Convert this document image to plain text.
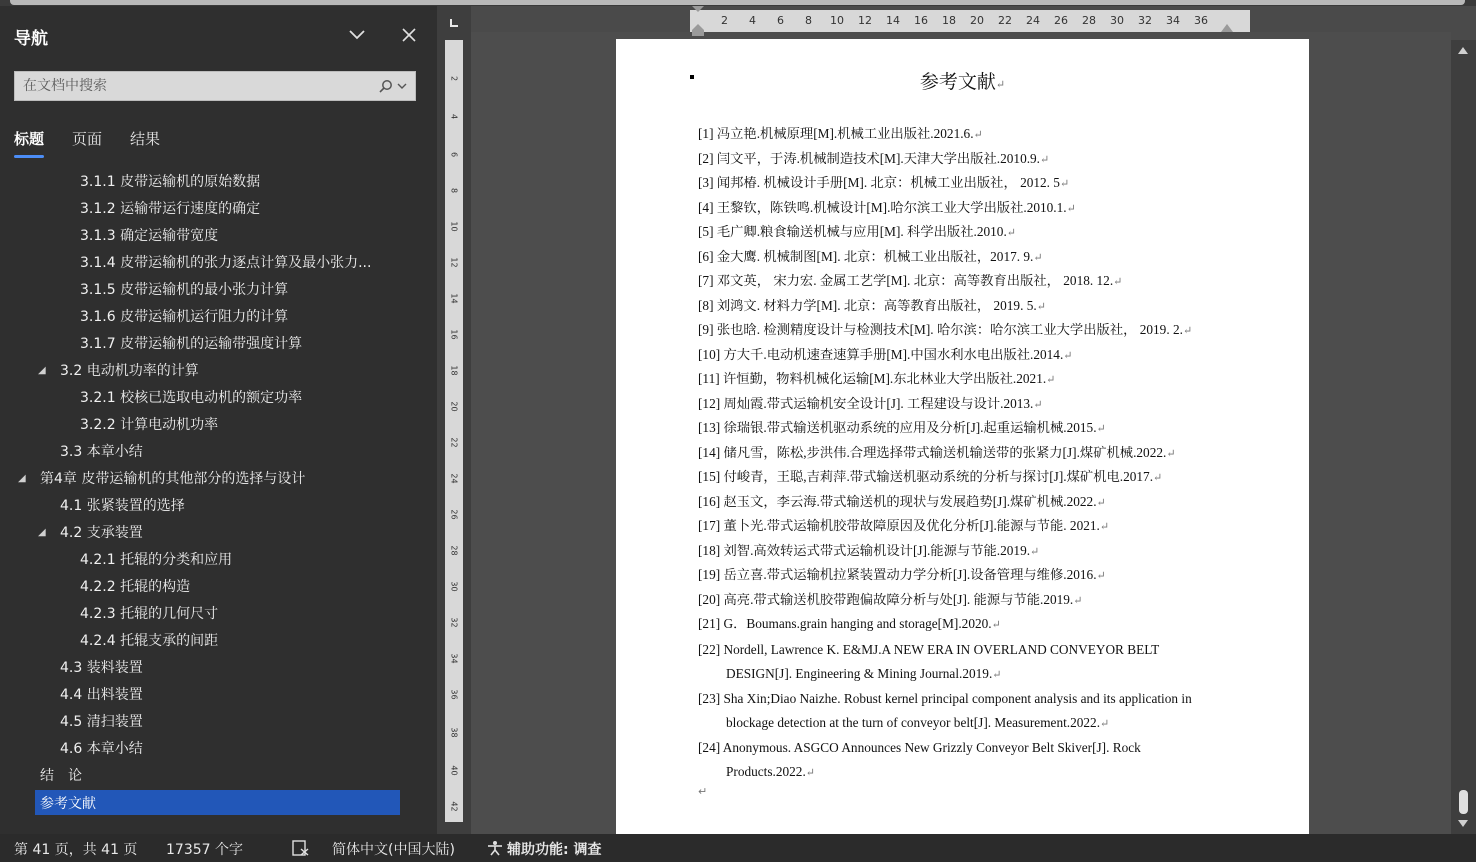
导航
在文档中搜索
标题 页面 结果
3.1.1 皮带运输机的原始数据
3.1.2 运输带运行速度的确定
3.1.3 确定运输带宽度
3.1.4 皮带运输机的张力逐点计算及最小张力...
3.1.5 皮带运输机的最小张力计算
3.1.6 皮带运输机运行阻力的计算
3.1.7 皮带运输机的运输带强度计算
◢ 3.2 电动机功率的计算
3.2.1 校核已选取电动机的额定功率
3.2.2 计算电动机功率
3.3 本章小结
◢ 第4章 皮带运输机的其他部分的选择与设计
4.1 张紧装置的选择
◢ 4.2 支承装置
4.2.1 托辊的分类和应用
4.2.2 托辊的构造
4.2.3 托辊的几何尺寸
4.2.4 托辊支承的间距
4.3 装料装置
4.4 出料装置
4.5 清扫装置
4.6 本章小结
结　论
参考文献
2
4
6
8
10
12
14
16
18
20
22
24
26
28
30
32
34
36
38
40
42
2 4 6 8 10 12 14 16 18 20 22 24 26 28 30 32 34 36
参考文献↵
[1] 冯立艳.机械原理[M].机械工业出版社.2021.6.↵
[2] 闫文平，于涛.机械制造技术[M].天津大学出版社.2010.9.↵
[3] 闻邦椿. 机械设计手册[M]. 北京：机械工业出版社， 2012. 5↵
[4] 王黎钦，陈铁鸣.机械设计[M].哈尔滨工业大学出版社.2010.1.↵
[5] 毛广卿.粮食输送机械与应用[M]. 科学出版社.2010.↵
[6] 金大鹰. 机械制图[M]. 北京：机械工业出版社，2017. 9.↵
[7] 邓文英， 宋力宏. 金属工艺学[M]. 北京：高等教育出版社， 2018. 12.↵
[8] 刘鸿文. 材料力学[M]. 北京：高等教育出版社， 2019. 5.↵
[9] 张也晗. 检测精度设计与检测技术[M]. 哈尔滨：哈尔滨工业大学出版社， 2019. 2.↵
[10] 方大千.电动机速查速算手册[M].中国水利水电出版社.2014.↵
[11] 许恒勤，物料机械化运输[M].东北林业大学出版社.2021.↵
[12] 周灿霞.带式运输机安全设计[J]. 工程建设与设计.2013.↵
[13] 徐瑞银.带式输送机驱动系统的应用及分析[J].起重运输机械.2015.↵
[14] 储凡雪，陈松,步洪伟.合理选择带式输送机输送带的张紧力[J].煤矿机械.2022.↵
[15] 付峻青，王聪,吉莉萍.带式输送机驱动系统的分析与探讨[J].煤矿机电.2017.↵
[16] 赵玉文，李云海.带式输送机的现状与发展趋势[J].煤矿机械.2022.↵
[17] 董卜光.带式运输机胶带故障原因及优化分析[J].能源与节能. 2021.↵
[18] 刘智.高效转运式带式运输机设计[J].能源与节能.2019.↵
[19] 岳立喜.带式运输机拉紧装置动力学分析[J].设备管理与维修.2016.↵
[20] 高亮.带式输送机胶带跑偏故障分析与处[J]. 能源与节能.2019.↵
[21] G．Boumans.grain hanging and storage[M].2020.↵
[22] Nordell, Lawrence K. E&MJ.A NEW ERA IN OVERLAND CONVEYOR BELT
DESIGN[J]. Engineering & Mining Journal.2019.↵
[23] Sha Xin;Diao Naizhe. Robust kernel principal component analysis and its application in
blockage detection at the turn of conveyor belt[J]. Measurement.2022.↵
[24] Anonymous. ASGCO Announces New Grizzly Conveyor Belt Skiver[J]. Rock
Products.2022.↵
↵
第 41 页，共 41 页 17357 个字	简体中文(中国大陆)	辅助功能: 调查
